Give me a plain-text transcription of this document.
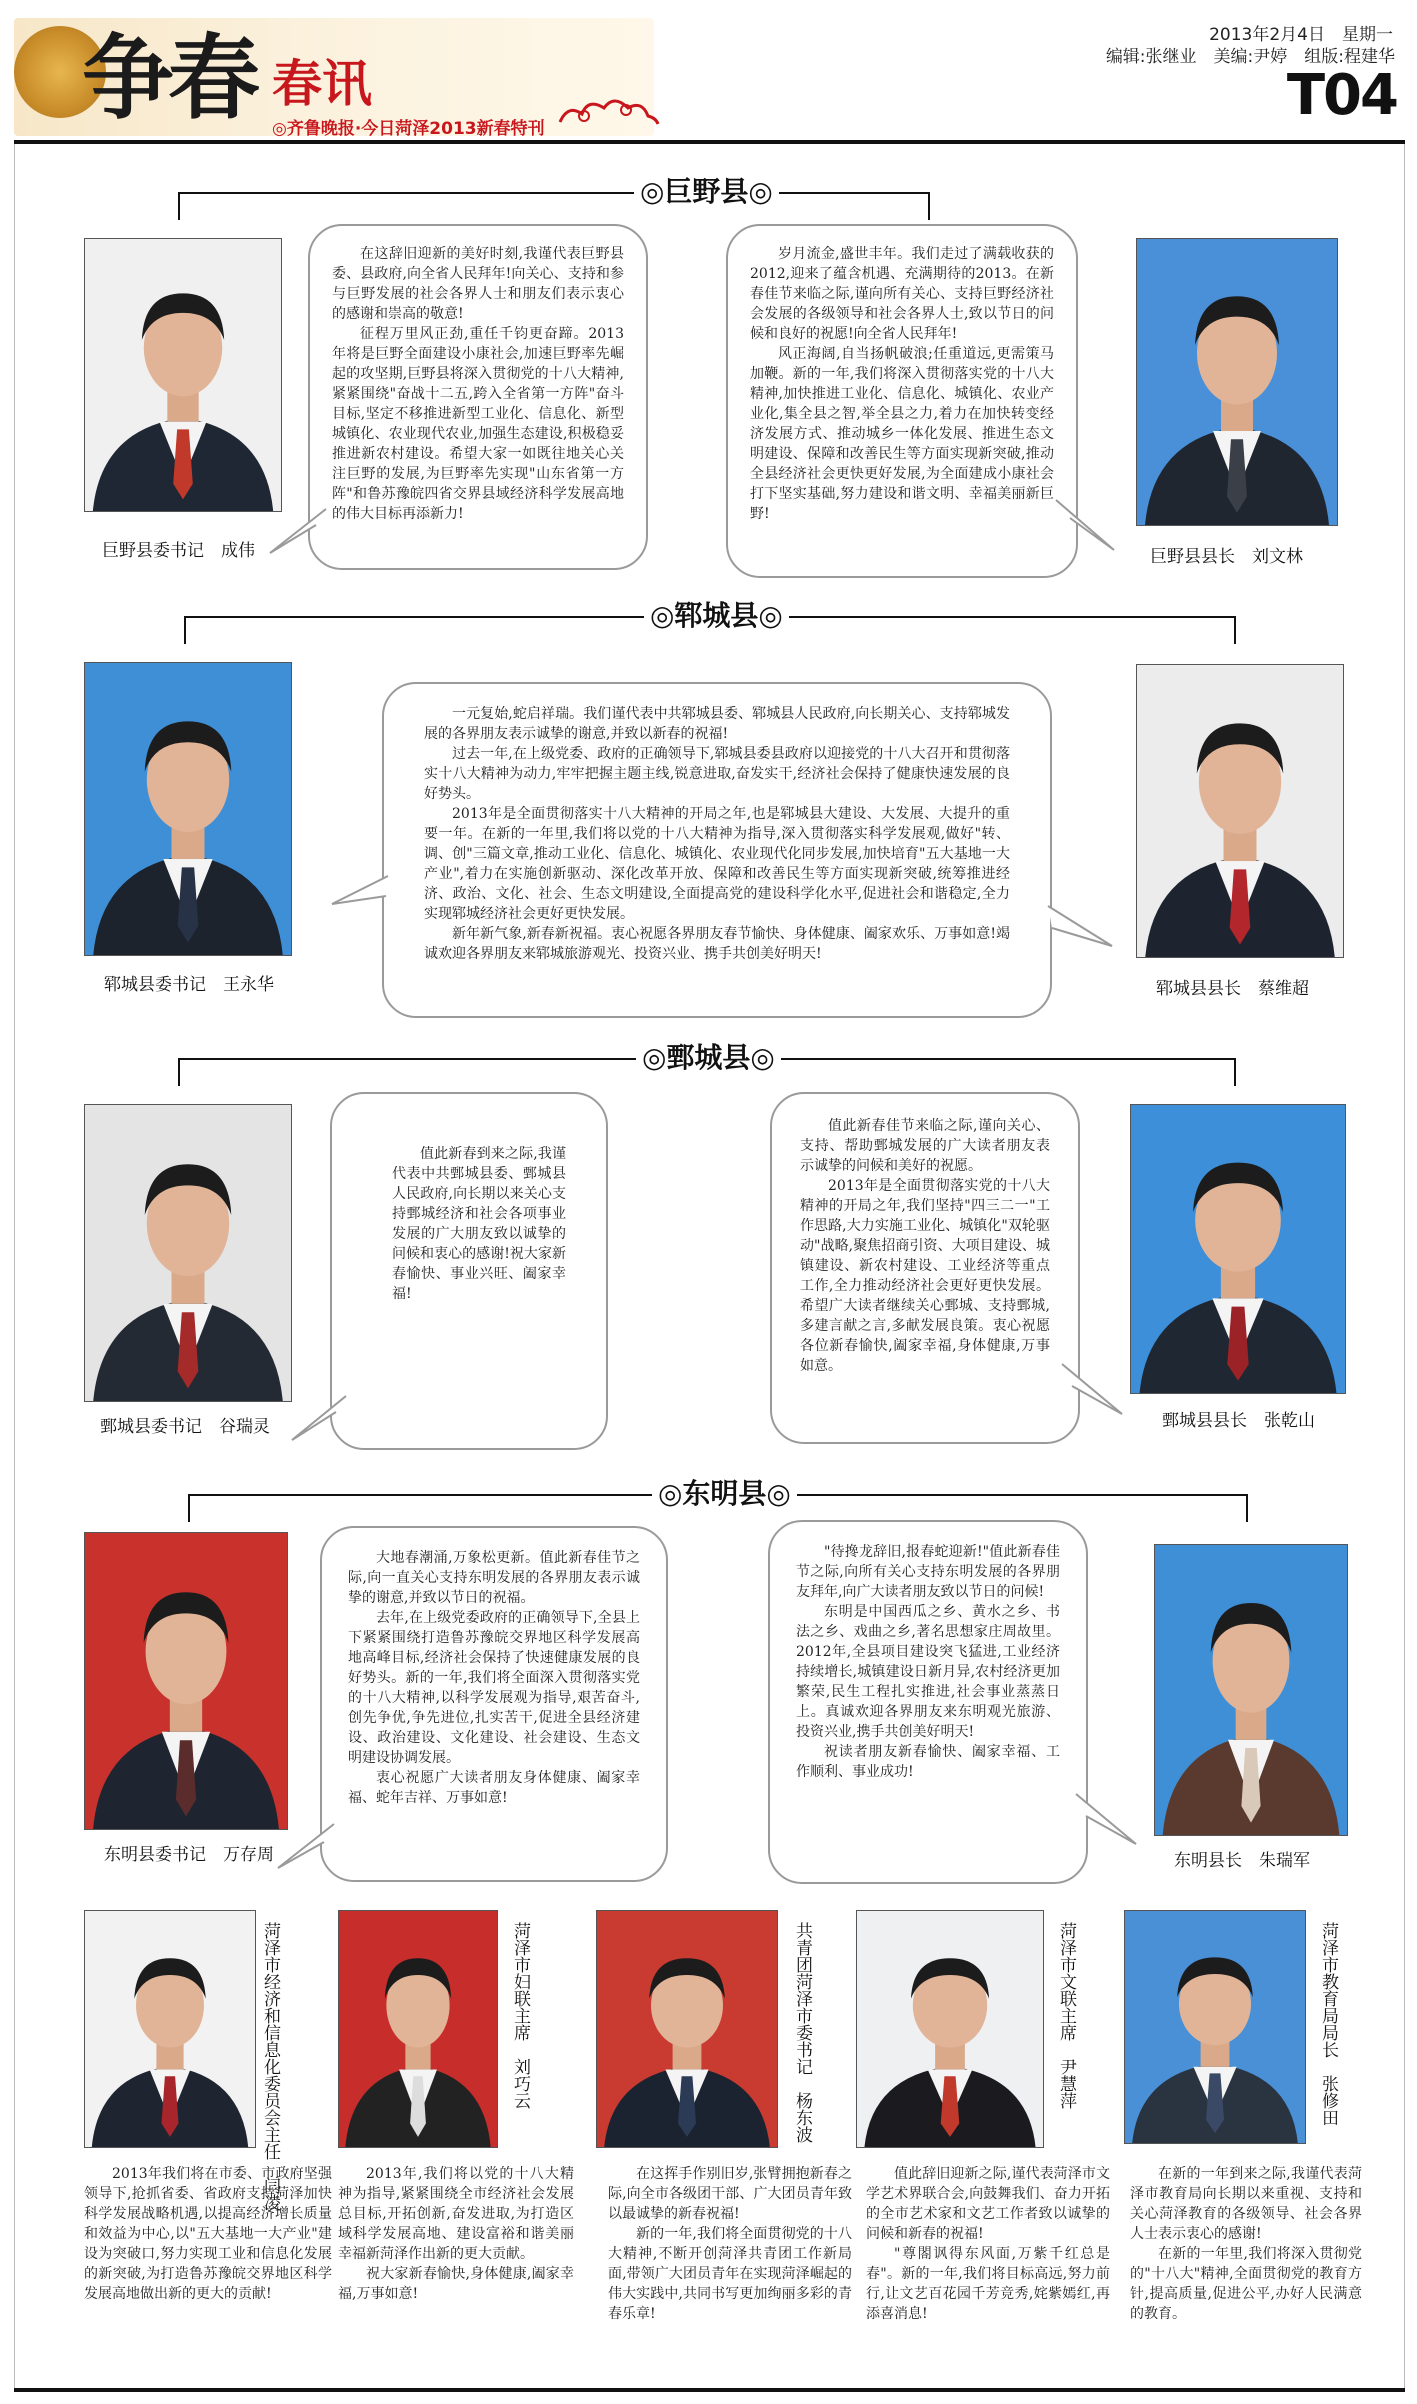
争春 春讯
◎齐鲁晚报·今日菏泽2013新春特刊
2013年2月4日　星期一
编辑:张继业　美编:尹婷　组版:程建华
T04
◎巨野县◎
巨野县委书记　成伟

在这辞旧迎新的美好时刻,我谨代表巨野县委、县政府,向全省人民拜年!向关心、支持和参与巨野发展的社会各界人士和朋友们表示衷心的感谢和崇高的敬意!

征程万里风正劲,重任千钧更奋蹄。2013年将是巨野全面建设小康社会,加速巨野率先崛起的攻坚期,巨野县将深入贯彻党的十八大精神,紧紧围绕"奋战十二五,跨入全省第一方阵"奋斗目标,坚定不移推进新型工业化、信息化、新型城镇化、农业现代农业,加强生态建设,积极稳妥推进新农村建设。希望大家一如既往地关心关注巨野的发展,为巨野率先实现"山东省第一方阵"和鲁苏豫皖四省交界县域经济科学发展高地的伟大目标再添新力!

岁月流金,盛世丰年。我们走过了满载收获的2012,迎来了蕴含机遇、充满期待的2013。在新春佳节来临之际,谨向所有关心、支持巨野经济社会发展的各级领导和社会各界人士,致以节日的问候和良好的祝愿!向全省人民拜年!

风正海阔,自当扬帆破浪;任重道远,更需策马加鞭。新的一年,我们将深入贯彻落实党的十八大精神,加快推进工业化、信息化、城镇化、农业产业化,集全县之智,举全县之力,着力在加快转变经济发展方式、推动城乡一体化发展、推进生态文明建设、保障和改善民生等方面实现新突破,推动全县经济社会更快更好发展,为全面建成小康社会打下坚实基础,努力建设和谐文明、幸福美丽新巨野!

巨野县县长　刘文林
◎郓城县◎
郓城县委书记　王永华

一元复始,蛇启祥瑞。我们谨代表中共郓城县委、郓城县人民政府,向长期关心、支持郓城发展的各界朋友表示诚挚的谢意,并致以新春的祝福!

过去一年,在上级党委、政府的正确领导下,郓城县委县政府以迎接党的十八大召开和贯彻落实十八大精神为动力,牢牢把握主题主线,锐意进取,奋发实干,经济社会保持了健康快速发展的良好势头。

2013年是全面贯彻落实十八大精神的开局之年,也是郓城县大建设、大发展、大提升的重要一年。在新的一年里,我们将以党的十八大精神为指导,深入贯彻落实科学发展观,做好"转、调、创"三篇文章,推动工业化、信息化、城镇化、农业现代化同步发展,加快培育"五大基地一大产业",着力在实施创新驱动、深化改革开放、保障和改善民生等方面实现新突破,统筹推进经济、政治、文化、社会、生态文明建设,全面提高党的建设科学化水平,促进社会和谐稳定,全力实现郓城经济社会更好更快发展。

新年新气象,新春新祝福。衷心祝愿各界朋友春节愉快、身体健康、阖家欢乐、万事如意!竭诚欢迎各界朋友来郓城旅游观光、投资兴业、携手共创美好明天!

郓城县县长　蔡维超
◎鄄城县◎
鄄城县委书记　谷瑞灵

值此新春到来之际,我谨代表中共鄄城县委、鄄城县人民政府,向长期以来关心支持鄄城经济和社会各项事业发展的广大朋友致以诚挚的问候和衷心的感谢!祝大家新春愉快、事业兴旺、阖家幸福!

值此新春佳节来临之际,谨向关心、支持、帮助鄄城发展的广大读者朋友表示诚挚的问候和美好的祝愿。

2013年是全面贯彻落实党的十八大精神的开局之年,我们坚持"四三二一"工作思路,大力实施工业化、城镇化"双轮驱动"战略,聚焦招商引资、大项目建设、城镇建设、新农村建设、工业经济等重点工作,全力推动经济社会更好更快发展。希望广大读者继续关心鄄城、支持鄄城,多建言献之言,多献发展良策。衷心祝愿各位新春愉快,阖家幸福,身体健康,万事如意。

鄄城县县长　张乾山
◎东明县◎
东明县委书记　万存周

大地春潮涌,万象松更新。值此新春佳节之际,向一直关心支持东明发展的各界朋友表示诚挚的谢意,并致以节日的祝福。

去年,在上级党委政府的正确领导下,全县上下紧紧围绕打造鲁苏豫皖交界地区科学发展高地高峰目标,经济社会保持了快速健康发展的良好势头。新的一年,我们将全面深入贯彻落实党的十八大精神,以科学发展观为指导,艰苦奋斗,创先争优,争先进位,扎实苦干,促进全县经济建设、政治建设、文化建设、社会建设、生态文明建设协调发展。

衷心祝愿广大读者朋友身体健康、阖家幸福、蛇年吉祥、万事如意!

"待搀龙辞旧,报春蛇迎新!"值此新春佳节之际,向所有关心支持东明发展的各界朋友拜年,向广大读者朋友致以节日的问候!

东明是中国西瓜之乡、黄水之乡、书法之乡、戏曲之乡,著名思想家庄周故里。2012年,全县项目建设突飞猛进,工业经济持续增长,城镇建设日新月异,农村经济更加繁荣,民生工程扎实推进,社会事业蒸蒸日上。真诚欢迎各界朋友来东明观光旅游、投资兴业,携手共创美好明天!

祝读者朋友新春愉快、阖家幸福、工作顺利、事业成功!

东明县长　朱瑞军
菏泽市经济和信息化委员会主任　闫凌

2013年我们将在市委、市政府坚强领导下,抢抓省委、省政府支持菏泽加快科学发展战略机遇,以提高经济增长质量和效益为中心,以"五大基地一大产业"建设为突破口,努力实现工业和信息化发展的新突破,为打造鲁苏豫皖交界地区科学发展高地做出新的更大的贡献!

菏泽市妇联主席　刘巧云

2013年,我们将以党的十八大精神为指导,紧紧围绕全市经济社会发展总目标,开拓创新,奋发进取,为打造区域科学发展高地、建设富裕和谐美丽幸福新菏泽作出新的更大贡献。

祝大家新春愉快,身体健康,阖家幸福,万事如意!

共青团菏泽市委书记　杨东波

在这挥手作别旧岁,张臂拥抱新春之际,向全市各级团干部、广大团员青年致以最诚挚的新春祝福!

新的一年,我们将全面贯彻党的十八大精神,不断开创菏泽共青团工作新局面,带领广大团员青年在实现菏泽崛起的伟大实践中,共同书写更加绚丽多彩的青春乐章!

菏泽市文联主席　尹慧萍

值此辞旧迎新之际,谨代表菏泽市文学艺术界联合会,向鼓舞我们、奋力开拓的全市艺术家和文艺工作者致以诚挚的问候和新春的祝福!

"尊閤讽得东风面,万紫千红总是春"。新的一年,我们将目标高远,努力前行,让文艺百花园千芳竞秀,姹紫嫣红,再添喜消息!

菏泽市教育局局长　张修田

在新的一年到来之际,我谨代表菏泽市教育局向长期以来重视、支持和关心菏泽教育的各级领导、社会各界人士表示衷心的感谢!

在新的一年里,我们将深入贯彻党的"十八大"精神,全面贯彻党的教育方针,提高质量,促进公平,办好人民满意的教育。
